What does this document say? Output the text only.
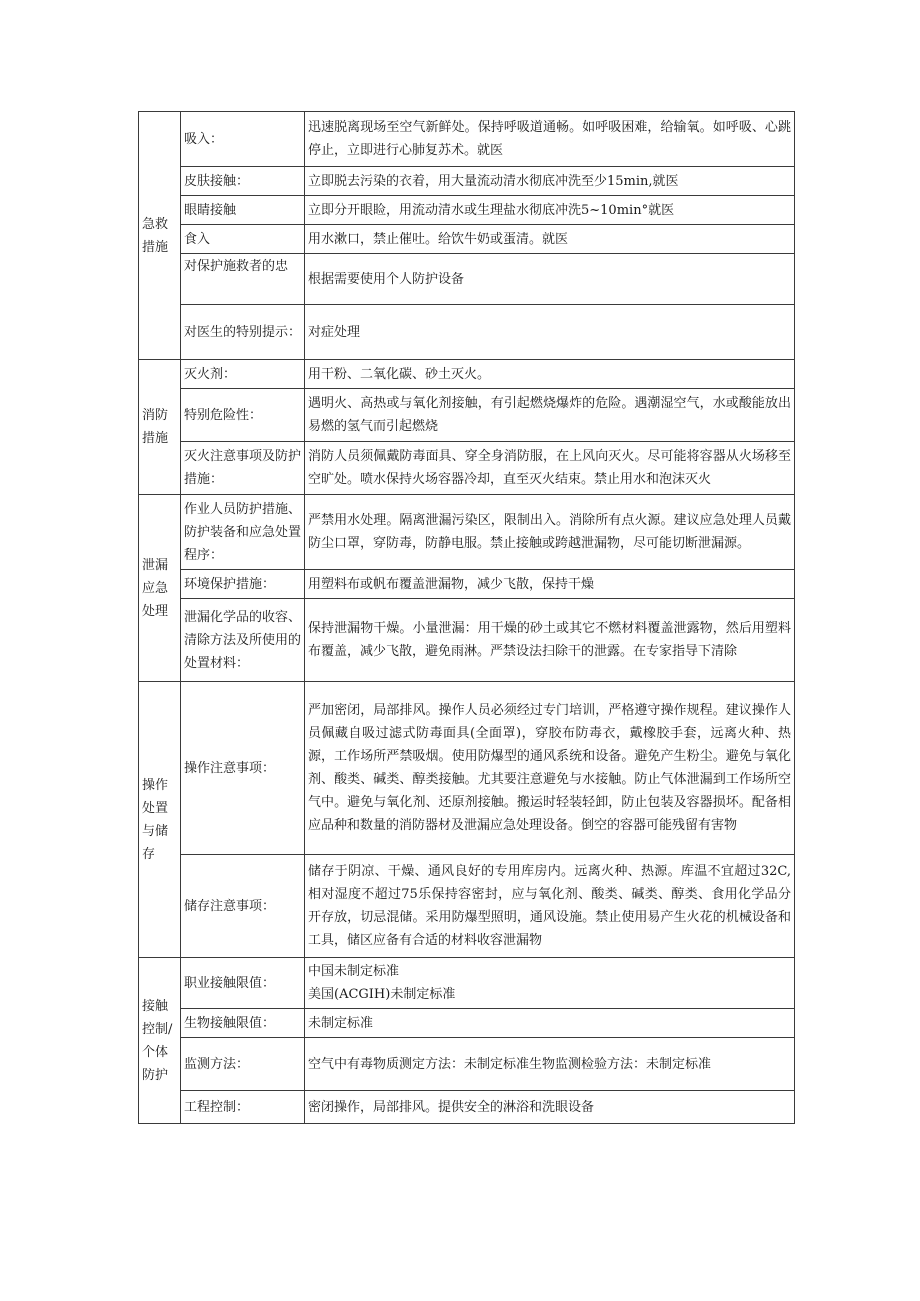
急救措施	吸入：	迅速脱离现场至空气新鲜处。保持呼吸道通畅。如呼吸困难，给输氧。如呼吸、心跳停止，立即进行心肺复苏术。就医
	皮肤接触：	立即脱去污染的衣着，用大量流动清水彻底冲洗至少15min,就医
	眼睛接触	立即分开眼睑，用流动清水或生理盐水彻底冲洗5~10min°就医
	食入	用水漱口，禁止催吐。给饮牛奶或蛋清。就医
	对保护施救者的忠	根据需要使用个人防护设备
	对医生的特别提示：	对症处理
消防措施	灭火剂：	用干粉、二氧化碳、砂土灭火。
	特别危险性：	遇明火、高热或与氧化剂接触，有引起燃烧爆炸的危险。遇潮湿空气，水或酸能放出易燃的氢气而引起燃烧
	灭火注意事项及防护措施：	消防人员须佩戴防毒面具、穿全身消防服，在上风向灭火。尽可能将容器从火场移至空旷处。喷水保持火场容器冷却，直至灭火结束。禁止用水和泡沫灭火
泄漏应急处理	作业人员防护措施、防护装备和应急处置程序：	严禁用水处理。隔离泄漏污染区，限制出入。消除所有点火源。建议应急处理人员戴防尘口罩，穿防毒，防静电服。禁止接触或跨越泄漏物，尽可能切断泄漏源。
	环境保护措施：	用塑料布或帆布覆盖泄漏物，减少飞散，保持干燥
	泄漏化学品的收容、清除方法及所使用的处置材料：	保持泄漏物干燥。小量泄漏：用干燥的砂土或其它不燃材料覆盖泄露物，然后用塑料布覆盖，减少飞散，避免雨淋。严禁设法扫除干的泄露。在专家指导下清除
操作处置与储存	操作注意事项：	严加密闭，局部排风。操作人员必须经过专门培训，严格遵守操作规程。建议操作人员佩藏自吸过滤式防毒面具(全面罩)，穿胶布防毒衣，戴橡胶手套，远离火种、热源，工作场所严禁吸烟。使用防爆型的通风系统和设备。避免产生粉尘。避免与氧化剂、酸类、碱类、醇类接触。尤其要注意避免与水接触。防止气体泄漏到工作场所空气中。避免与氧化剂、还原剂接触。搬运时轻装轻卸，防止包装及容器损坏。配备相应品种和数量的消防器材及泄漏应急处理设备。倒空的容器可能残留有害物
	储存注意事项：	储存于阴凉、干燥、通风良好的专用库房内。远离火种、热源。库温不宜超过32C,相对湿度不超过75乐保持容密封，应与氧化剂、酸类、碱类、醇类、食用化学品分开存放，切忌混储。采用防爆型照明，通风设施。禁止使用易产生火花的机械设备和工具，储区应备有合适的材料收容泄漏物
接触控制/个体防护	职业接触限值：	中国未制定标准
美国(ACGIH)未制定标准

	生物接触限值：	未制定标准
	监测方法：	空气中有毒物质测定方法：未制定标准生物监测检验方法：未制定标准
	工程控制：	密闭操作，局部排风。提供安全的淋浴和洗眼设备
